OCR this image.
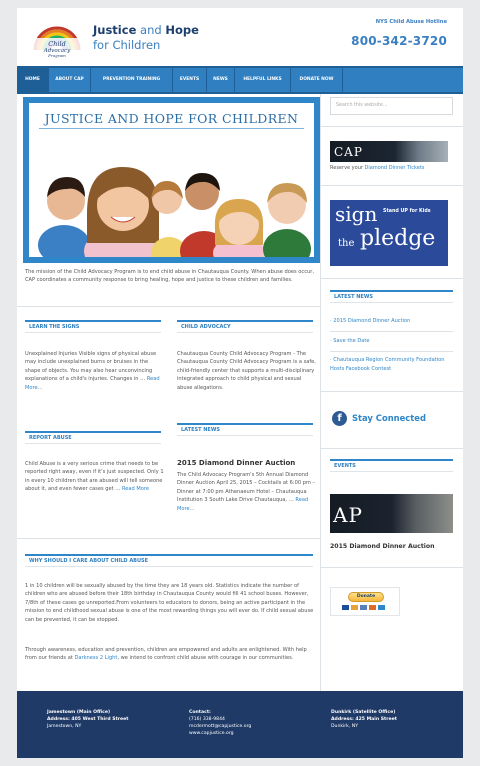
Child
Advocacy
Program
Justice and Hope
for Children
NYS Child Abuse Hotline
800-342-3720
HOME	ABOUT CAP	PREVENTION TRAINING	EVENTS	NEWS	HELPFUL LINKS	DONATE NOW
JUSTICE AND HOPE FOR CHILDREN
The mission of the Child Advocacy Program is to end child abuse in Chautauqua County. When abuse does occur, CAP coordinates a community response to bring healing, hope and justice to these children and families.
LEARN THE SIGNS
Unexplained Injuries Visible signs of physical abuse may include unexplained burns or bruises in the shape of objects. You may also hear unconvincing explanations of a child's injuries. Changes in … Read More...
CHILD ADVOCACY
Chautauqua County Child Advocacy Program - The Chautauqua County Child Advocacy Program is a safe, child-friendly center that supports a multi-disciplinary integrated approach to child physical and sexual abuse allegations.
REPORT ABUSE
Child Abuse is a very serious crime that needs to be reported right away, even if it's just suspected. Only 1 in every 10 children that are abused will tell someone about it, and even fewer cases get … Read More
LATEST NEWS
2015 Diamond Dinner Auction
The Child Advocacy Program's 5th Annual Diamond Dinner Auction April 25, 2015 – Cocktails at 6:00 pm – Dinner at 7:00 pm Athenaeum Hotel – Chautauqua Institution 3 South Lake Drive Chautauqua, … Read More...
WHY SHOULD I CARE ABOUT CHILD ABUSE
1 in 10 children will be sexually abused by the time they are 18 years old. Statistics indicate the number of children who are abused before their 18th birthday in Chautauqua County would fill 41 school buses. However, 7/8th of these cases go unreported.From volunteers to educators to donors, being an active participant in the mission to end childhood sexual abuse is one of the most rewarding things you will ever do. If child sexual abuse can be prevented, it can be stopped.
Through awareness, education and prevention, children are empowered and adults are enlightened. With help from our friends at Darkness 2 Light, we intend to confront child abuse with courage in our communities.
Search this website…
CAP
Reserve your Diamond Dinner Tickets
sign Stand UP for Kids
the pledge
LATEST NEWS
· 2015 Diamond Dinner Auction
· Save the Date
· Chautauqua Region Community Foundation Hosts Facebook Contest
f	Stay Connected
EVENTS
AP
2015 Diamond Dinner Auction
Donate
Jamestown (Main Office)
Address: 405 West Third Street
Jamestown, NY
Contact:
(716) 338-9844
mcdermott@capjustice.org
www.capjustice.org
Dunkirk (Satellite Office)
Address: 425 Main Street
Dunkirk, NY
